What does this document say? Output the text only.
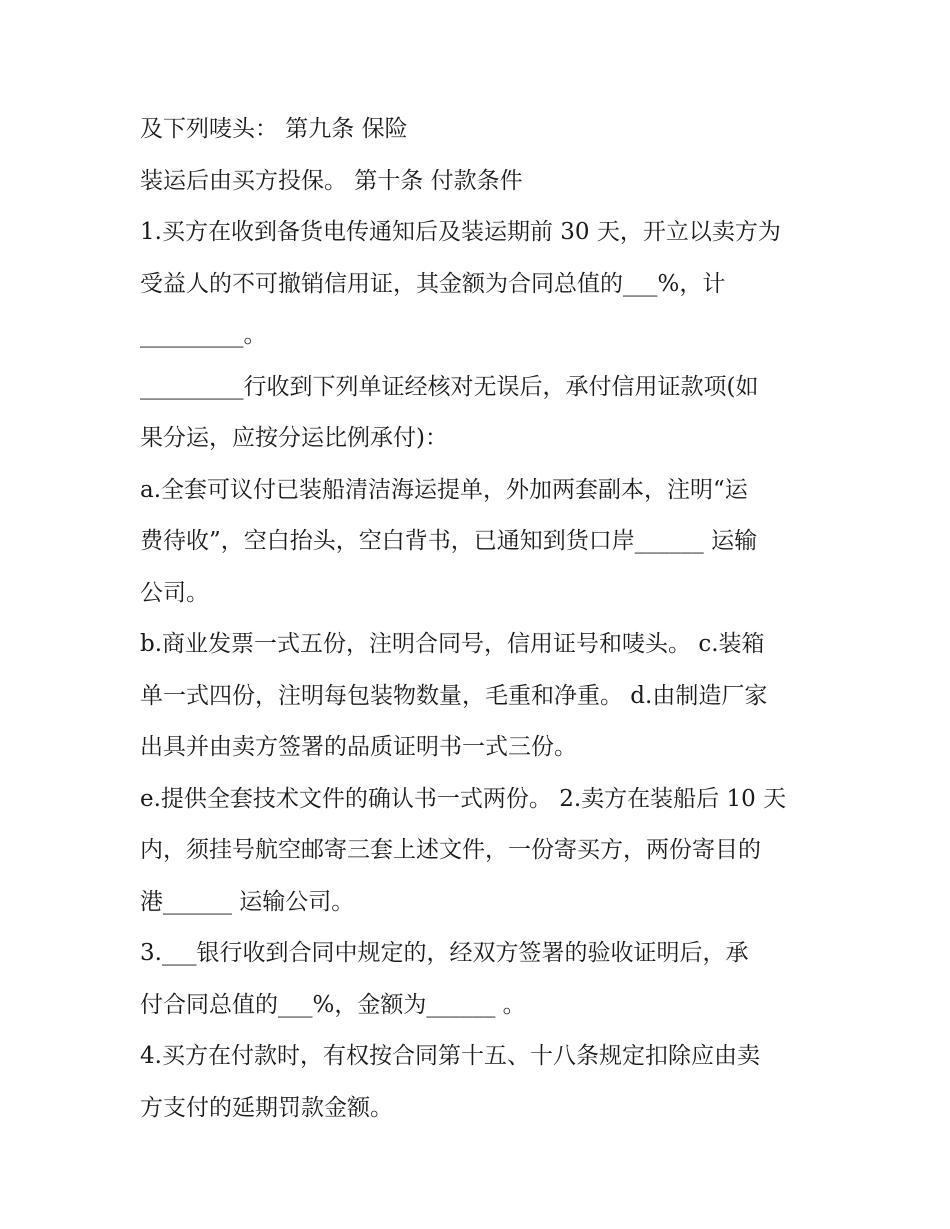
及下列唛头： 第九条 保险
装运后由买方投保。 第十条 付款条件
1.买方在收到备货电传通知后及装运期前 30 天，开立以卖方为
受益人的不可撤销信用证，其金额为合同总值的___%，计
_________。
_________行收到下列单证经核对无误后，承付信用证款项(如
果分运，应按分运比例承付)：
a.全套可议付已装船清洁海运提单，外加两套副本，注明“运
费待收”，空白抬头，空白背书，已通知到货口岸______ 运输
公司。
b.商业发票一式五份，注明合同号，信用证号和唛头。 c.装箱
单一式四份，注明每包装物数量，毛重和净重。 d.由制造厂家
出具并由卖方签署的品质证明书一式三份。
e.提供全套技术文件的确认书一式两份。 2.卖方在装船后 10 天
内，须挂号航空邮寄三套上述文件，一份寄买方，两份寄目的
港______ 运输公司。
3.___银行收到合同中规定的，经双方签署的验收证明后，承
付合同总值的___%，金额为______ 。
4.买方在付款时，有权按合同第十五、十八条规定扣除应由卖
方支付的延期罚款金额。
